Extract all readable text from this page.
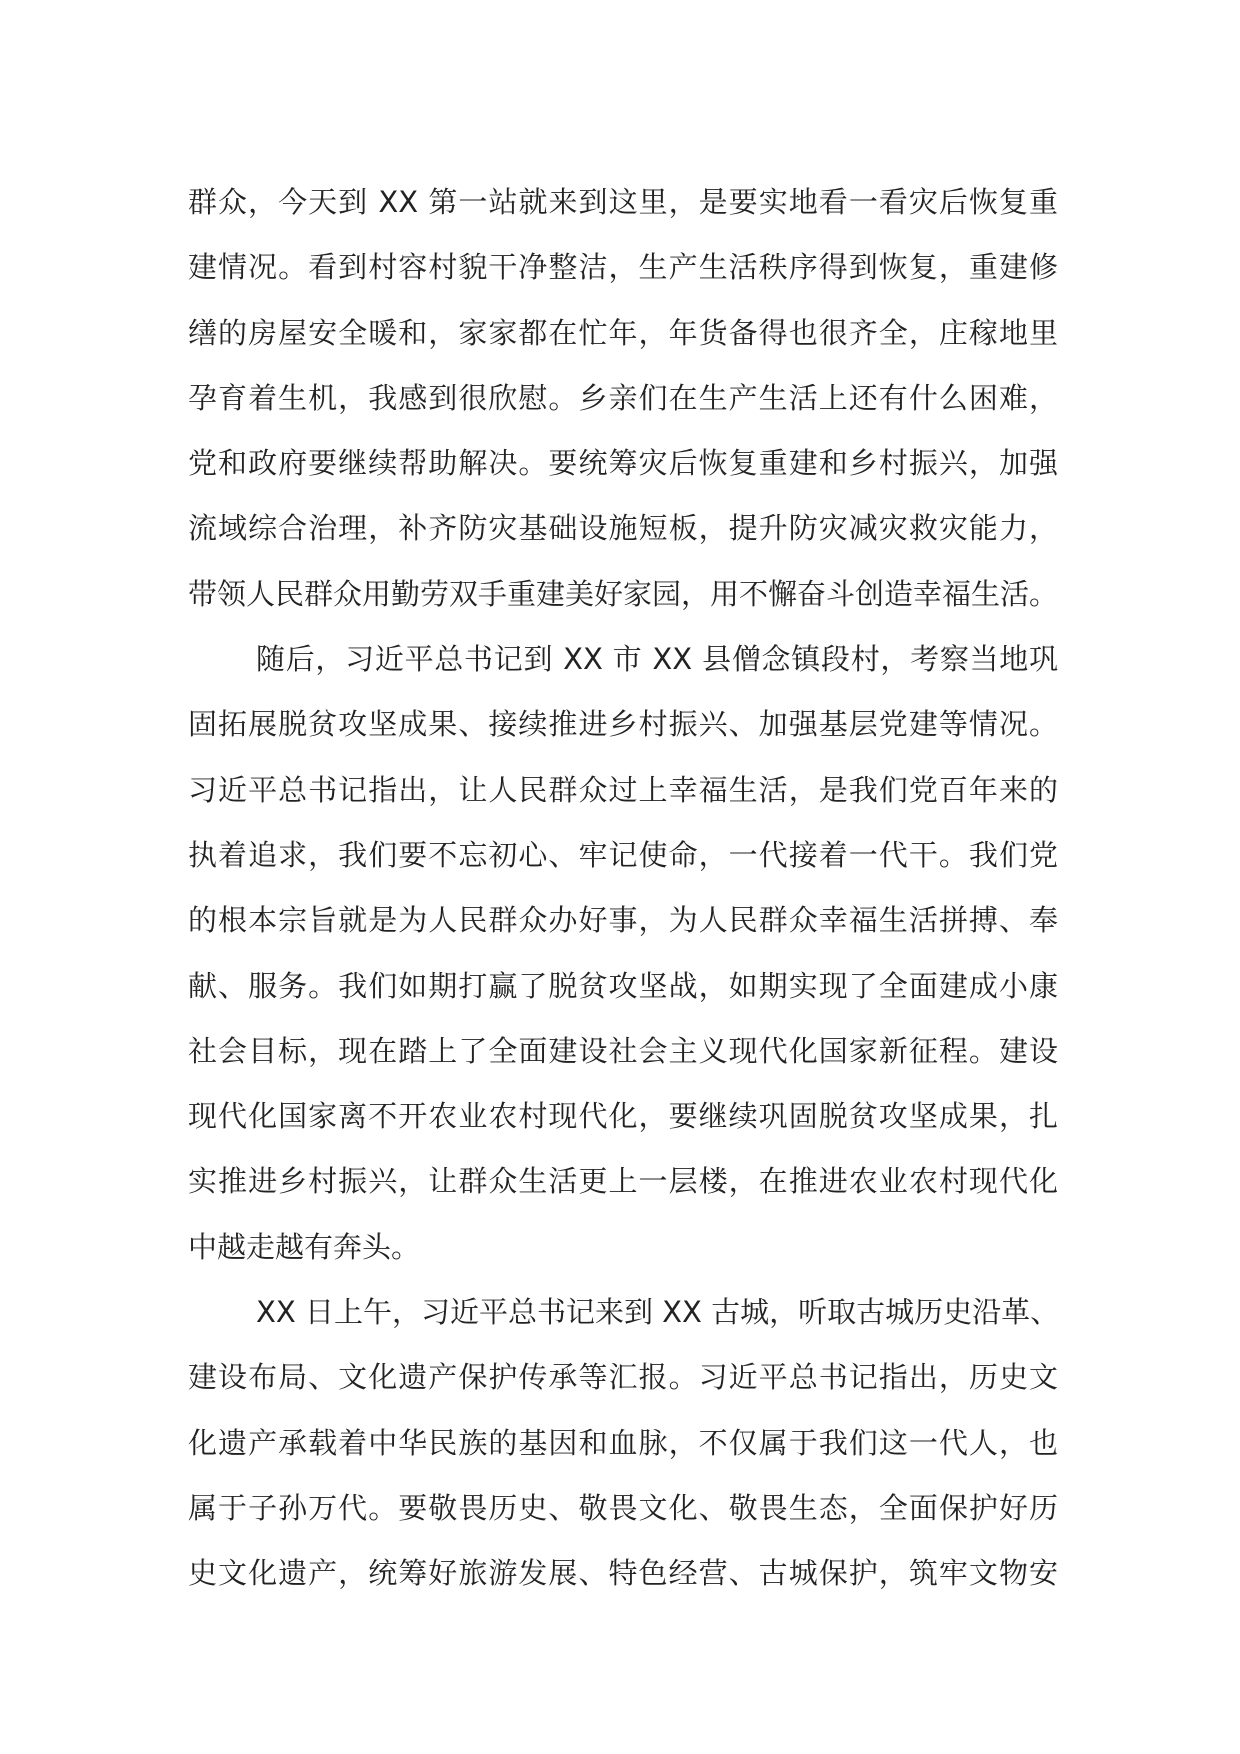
群众，今天到 XX 第一站就来到这里，是要实地看一看灾后恢复重
建情况。看到村容村貌干净整洁，生产生活秩序得到恢复，重建修
缮的房屋安全暖和，家家都在忙年，年货备得也很齐全，庄稼地里
孕育着生机，我感到很欣慰。乡亲们在生产生活上还有什么困难，
党和政府要继续帮助解决。要统筹灾后恢复重建和乡村振兴，加强
流域综合治理，补齐防灾基础设施短板，提升防灾减灾救灾能力，
带领人民群众用勤劳双手重建美好家园，用不懈奋斗创造幸福生活。
随后，习近平总书记到 XX 市 XX 县僧念镇段村，考察当地巩
固拓展脱贫攻坚成果、接续推进乡村振兴、加强基层党建等情况。
习近平总书记指出，让人民群众过上幸福生活，是我们党百年来的
执着追求，我们要不忘初心、牢记使命，一代接着一代干。我们党
的根本宗旨就是为人民群众办好事，为人民群众幸福生活拼搏、奉
献、服务。我们如期打赢了脱贫攻坚战，如期实现了全面建成小康
社会目标，现在踏上了全面建设社会主义现代化国家新征程。建设
现代化国家离不开农业农村现代化，要继续巩固脱贫攻坚成果，扎
实推进乡村振兴，让群众生活更上一层楼，在推进农业农村现代化
中越走越有奔头。
XX 日上午，习近平总书记来到 XX 古城，听取古城历史沿革、
建设布局、文化遗产保护传承等汇报。习近平总书记指出，历史文
化遗产承载着中华民族的基因和血脉，不仅属于我们这一代人，也
属于子孙万代。要敬畏历史、敬畏文化、敬畏生态，全面保护好历
史文化遗产，统筹好旅游发展、特色经营、古城保护，筑牢文物安
